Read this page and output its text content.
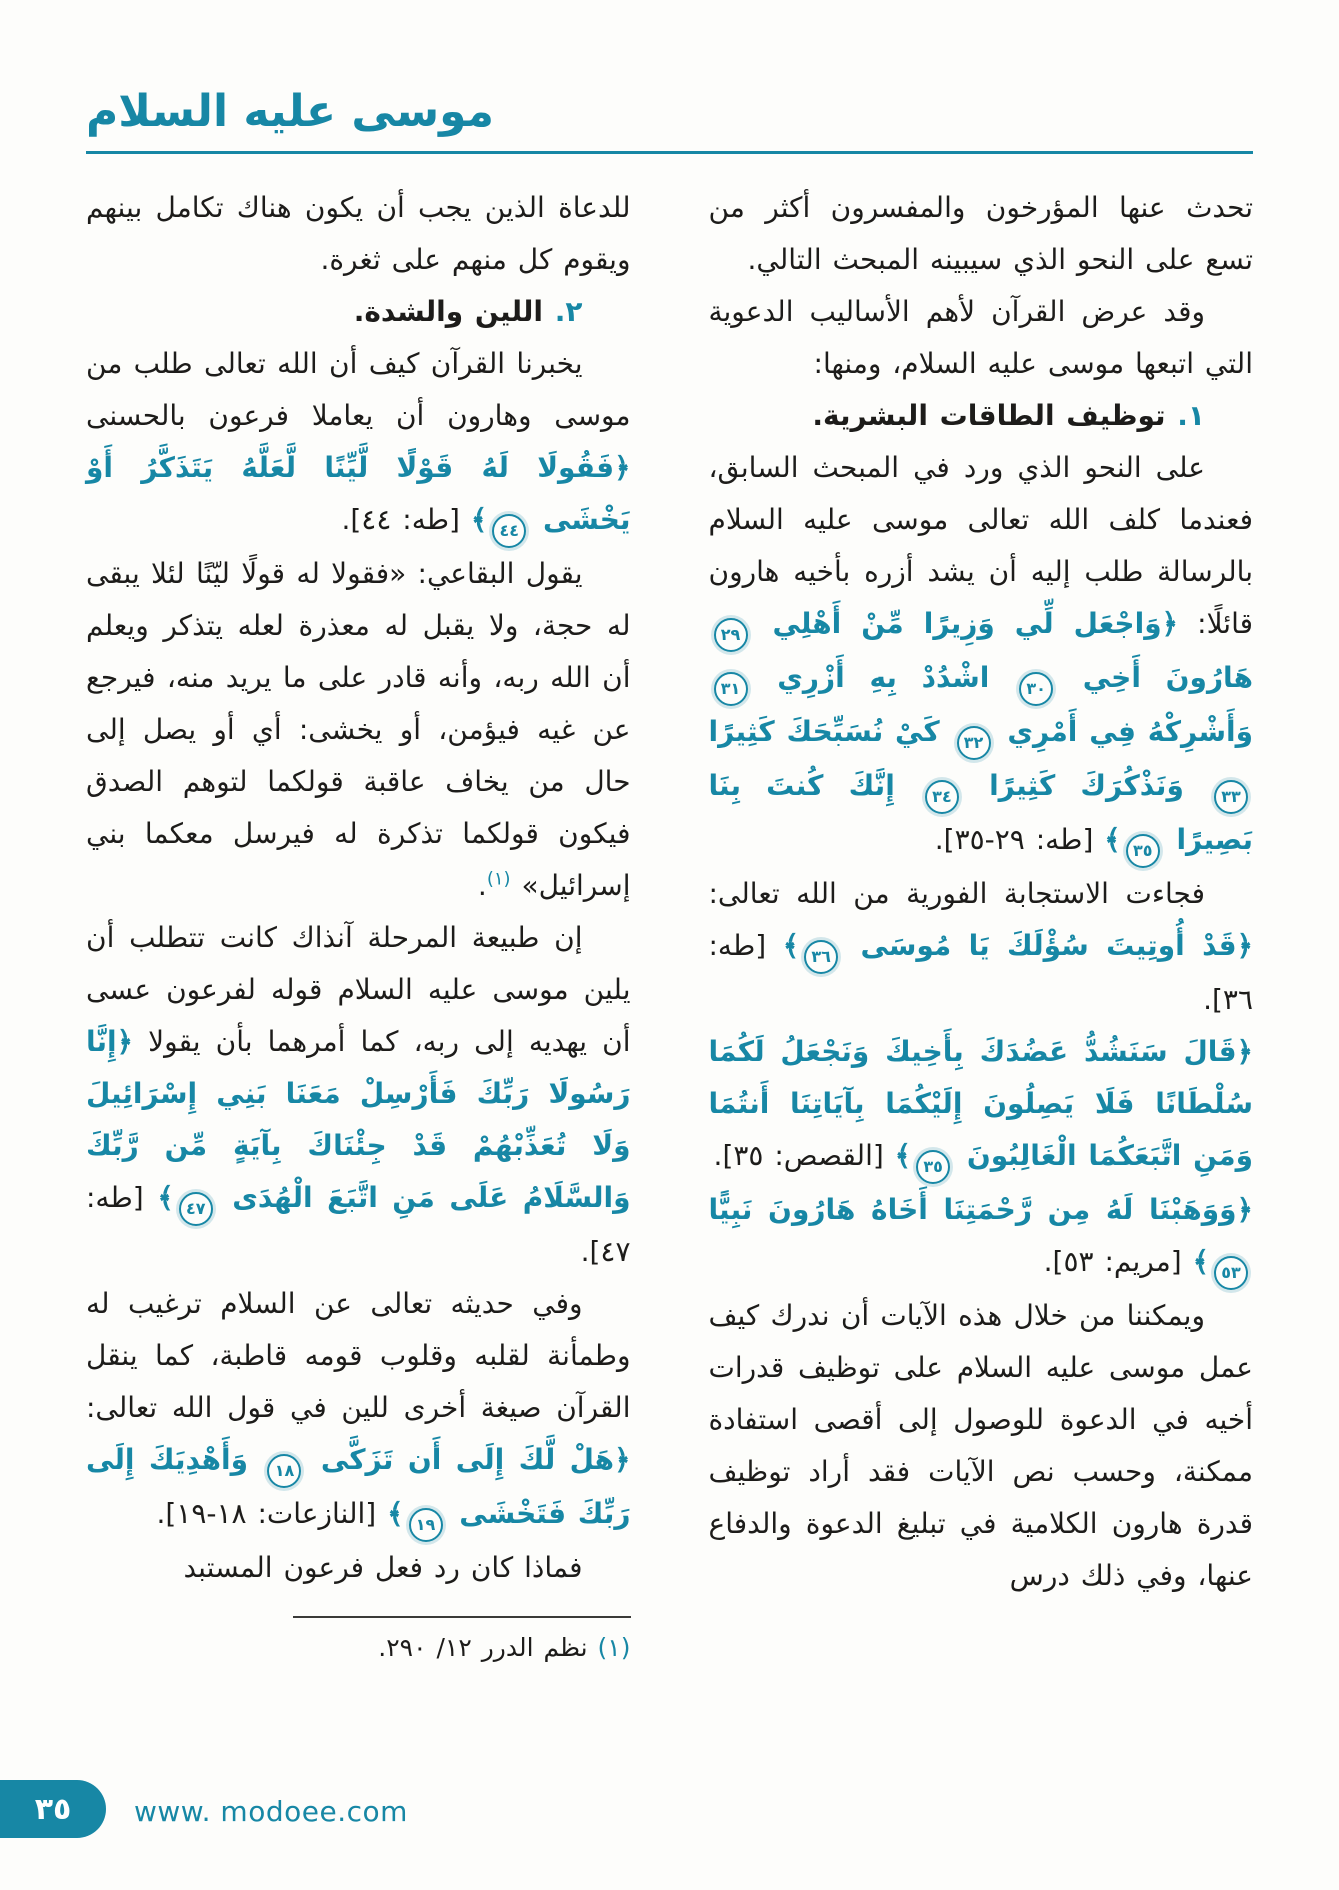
موسى عليه السلام

تحدث عنها المؤرخون والمفسرون أكثر من تسع على النحو الذي سيبينه المبحث التالي.

وقد عرض القرآن لأهم الأساليب الدعوية التي اتبعها موسى عليه السلام، ومنها:

١. توظيف الطاقات البشرية.

على النحو الذي ورد في المبحث السابق، فعندما كلف الله تعالى موسى عليه السلام بالرسالة طلب إليه أن يشد أزره بأخيه هارون قائلًا: ﴿وَاجْعَل لِّي وَزِيرًا مِّنْ أَهْلِي ٢٩ هَارُونَ أَخِي ٣٠ اشْدُدْ بِهِ أَزْرِي ٣١ وَأَشْرِكْهُ فِي أَمْرِي ٣٢ كَيْ نُسَبِّحَكَ كَثِيرًا ٣٣ وَنَذْكُرَكَ كَثِيرًا ٣٤ إِنَّكَ كُنتَ بِنَا بَصِيرًا ٣٥﴾ [طه: ٢٩-٣٥].

فجاءت الاستجابة الفورية من الله تعالى: ﴿قَدْ أُوتِيتَ سُؤْلَكَ يَا مُوسَى ٣٦﴾ [طه: ٣٦].

﴿قَالَ سَنَشُدُّ عَضُدَكَ بِأَخِيكَ وَنَجْعَلُ لَكُمَا سُلْطَانًا فَلَا يَصِلُونَ إِلَيْكُمَا بِآيَاتِنَا أَنتُمَا وَمَنِ اتَّبَعَكُمَا الْغَالِبُونَ ٣٥﴾ [القصص: ٣٥].

﴿وَوَهَبْنَا لَهُ مِن رَّحْمَتِنَا أَخَاهُ هَارُونَ نَبِيًّا ٥٣﴾ [مريم: ٥٣].

ويمكننا من خلال هذه الآيات أن ندرك كيف عمل موسى عليه السلام على توظيف قدرات أخيه في الدعوة للوصول إلى أقصى استفادة ممكنة، وحسب نص الآيات فقد أراد توظيف قدرة هارون الكلامية في تبليغ الدعوة والدفاع عنها، وفي ذلك درس

للدعاة الذين يجب أن يكون هناك تكامل بينهم ويقوم كل منهم على ثغرة.

٢. اللين والشدة.

يخبرنا القرآن كيف أن الله تعالى طلب من موسى وهارون أن يعاملا فرعون بالحسنى ﴿فَقُولَا لَهُ قَوْلًا لَّيِّنًا لَّعَلَّهُ يَتَذَكَّرُ أَوْ يَخْشَى ٤٤﴾ [طه: ٤٤].

يقول البقاعي: «فقولا له قولًا ليّنًا لئلا يبقى له حجة، ولا يقبل له معذرة لعله يتذكر ويعلم أن الله ربه، وأنه قادر على ما يريد منه، فيرجع عن غيه فيؤمن، أو يخشى: أي أو يصل إلى حال من يخاف عاقبة قولكما لتوهم الصدق فيكون قولكما تذكرة له فيرسل معكما بني إسرائيل» $^{(١)}$.

إن طبيعة المرحلة آنذاك كانت تتطلب أن يلين موسى عليه السلام قوله لفرعون عسى أن يهديه إلى ربه، كما أمرهما بأن يقولا ﴿إِنَّا رَسُولَا رَبِّكَ فَأَرْسِلْ مَعَنَا بَنِي إِسْرَائِيلَ وَلَا تُعَذِّبْهُمْ قَدْ جِئْنَاكَ بِآيَةٍ مِّن رَّبِّكَ وَالسَّلَامُ عَلَى مَنِ اتَّبَعَ الْهُدَى ٤٧﴾ [طه: ٤٧].

وفي حديثه تعالى عن السلام ترغيب له وطمأنة لقلبه وقلوب قومه قاطبة، كما ينقل القرآن صيغة أخرى للين في قول الله تعالى: ﴿هَلْ لَّكَ إِلَى أَن تَزَكَّى ١٨ وَأَهْدِيَكَ إِلَى رَبِّكَ فَتَخْشَى ١٩﴾ [النازعات: ١٨-١٩].

فماذا كان رد فعل فرعون المستبد

(١) نظم الدرر ١٢/ ٢٩٠.

٣٥ www. modoee.com
